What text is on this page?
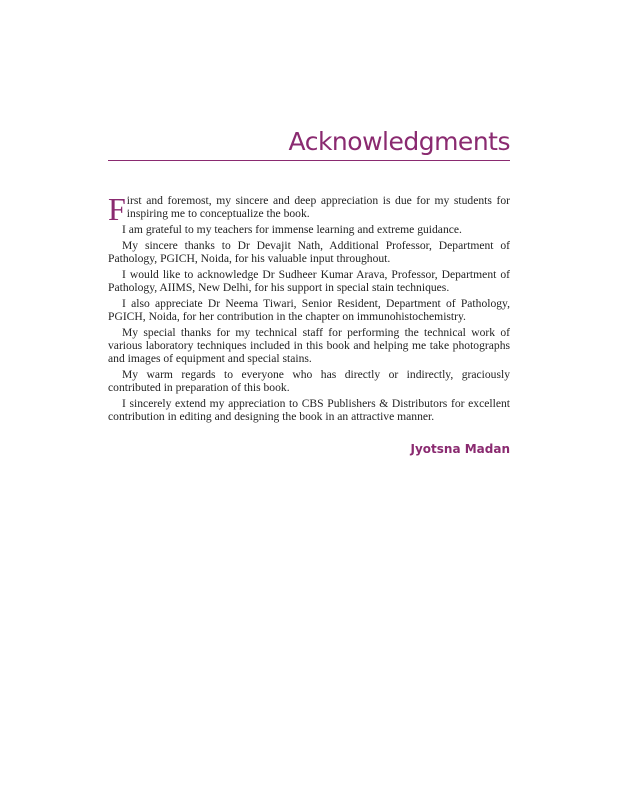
Acknowledgments

First and foremost, my sincere and deep appreciation is due for my students for inspiring me to conceptualize the book.

I am grateful to my teachers for immense learning and extreme guidance.

My sincere thanks to Dr Devajit Nath, Additional Professor, Department of Pathology, PGICH, Noida, for his valuable input throughout.

I would like to acknowledge Dr Sudheer Kumar Arava, Professor, Department of Pathology, AIIMS, New Delhi, for his support in special stain techniques.

I also appreciate Dr Neema Tiwari, Senior Resident, Department of Pathology, PGICH, Noida, for her contribution in the chapter on immunohistochemistry.

My special thanks for my technical staff for performing the technical work of various laboratory techniques included in this book and helping me take photographs and images of equipment and special stains.

My warm regards to everyone who has directly or indirectly, graciously contributed in preparation of this book.

I sincerely extend my appreciation to CBS Publishers & Distributors for excellent contribution in editing and designing the book in an attractive manner.

Jyotsna Madan
